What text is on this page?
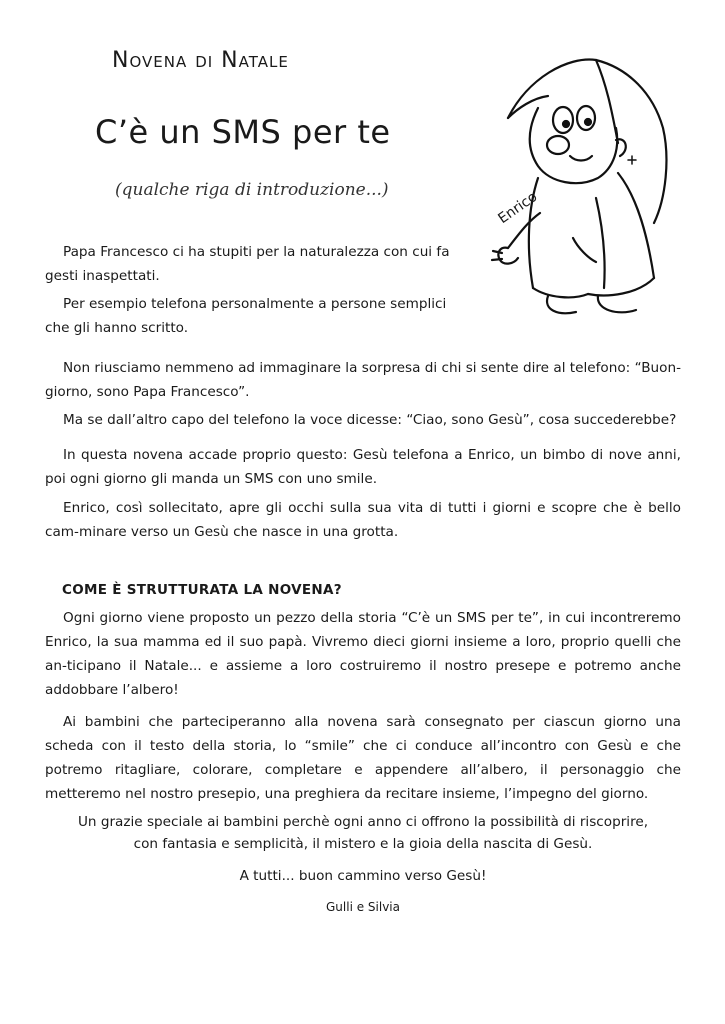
Novena di Natale
C’è un SMS per te
(qualche riga di introduzione...)	Enrico

Papa Francesco ci ha stupiti per la naturalezza con cui fa gesti inaspettati.

Per esempio telefona personalmente a persone semplici che gli hanno scritto.

Non riusciamo nemmeno ad immaginare la sorpresa di chi si sente dire al telefono: “Buon-giorno, sono Papa Francesco”.

Ma se dall’altro capo del telefono la voce dicesse: “Ciao, sono Gesù”, cosa succederebbe?

In questa novena accade proprio questo: Gesù telefona a Enrico, un bimbo di nove anni, poi ogni giorno gli manda un SMS con uno smile.

Enrico, così sollecitato, apre gli occhi sulla sua vita di tutti i giorni e scopre che è bello cam-minare verso un Gesù che nasce in una grotta.

COME È STRUTTURATA LA NOVENA?

Ogni giorno viene proposto un pezzo della storia “C’è un SMS per te”, in cui incontreremo Enrico, la sua mamma ed il suo papà. Vivremo dieci giorni insieme a loro, proprio quelli che an-ticipano il Natale... e assieme a loro costruiremo il nostro presepe e potremo anche addobbare l’albero!

Ai bambini che parteciperanno alla novena sarà consegnato per ciascun giorno una scheda con il testo della storia, lo “smile” che ci conduce all’incontro con Gesù e che potremo ritagliare, colorare, completare e appendere all’albero, il personaggio che metteremo nel nostro presepio, una preghiera da recitare insieme, l’impegno del giorno.

Un grazie speciale ai bambini perchè ogni anno ci offrono la possibilità di riscoprire,

con fantasia e semplicità, il mistero e la gioia della nascita di Gesù.

A tutti... buon cammino verso Gesù!

Gulli e Silvia
